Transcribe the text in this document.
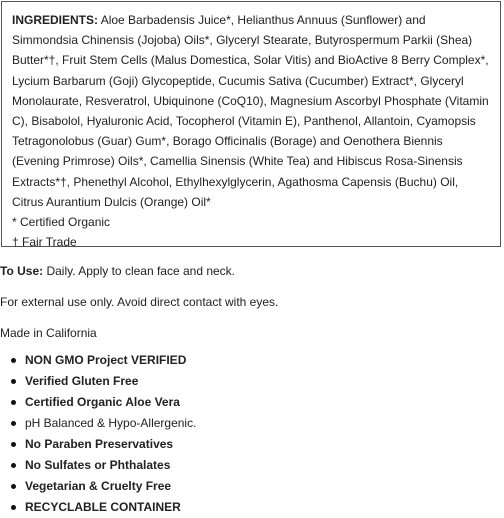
INGREDIENTS: Aloe Barbadensis Juice*, Helianthus Annuus (Sunflower) and Simmondsia Chinensis (Jojoba) Oils*, Glyceryl Stearate, Butyrospermum Parkii (Shea) Butter*†, Fruit Stem Cells (Malus Domestica, Solar Vitis) and BioActive 8 Berry Complex*, Lycium Barbarum (Goji) Glycopeptide, Cucumis Sativa (Cucumber) Extract*, Glyceryl Monolaurate, Resveratrol, Ubiquinone (CoQ10), Magnesium Ascorbyl Phosphate (Vitamin C), Bisabolol, Hyaluronic Acid, Tocopherol (Vitamin E), Panthenol, Allantoin, Cyamopsis Tetragonolobus (Guar) Gum*, Borago Officinalis (Borage) and Oenothera Biennis (Evening Primrose) Oils*, Camellia Sinensis (White Tea) and Hibiscus Rosa-Sinensis Extracts*†, Phenethyl Alcohol, Ethylhexylglycerin, Agathosma Capensis (Buchu) Oil, Citrus Aurantium Dulcis (Orange) Oil*

* Certified Organic

† Fair Trade

To Use: Daily. Apply to clean face and neck.

For external use only. Avoid direct contact with eyes.

Made in California

NON GMO Project VERIFIED
Verified Gluten Free
Certified Organic Aloe Vera
pH Balanced & Hypo-Allergenic.
No Paraben Preservatives
No Sulfates or Phthalates
Vegetarian & Cruelty Free
RECYCLABLE CONTAINER
